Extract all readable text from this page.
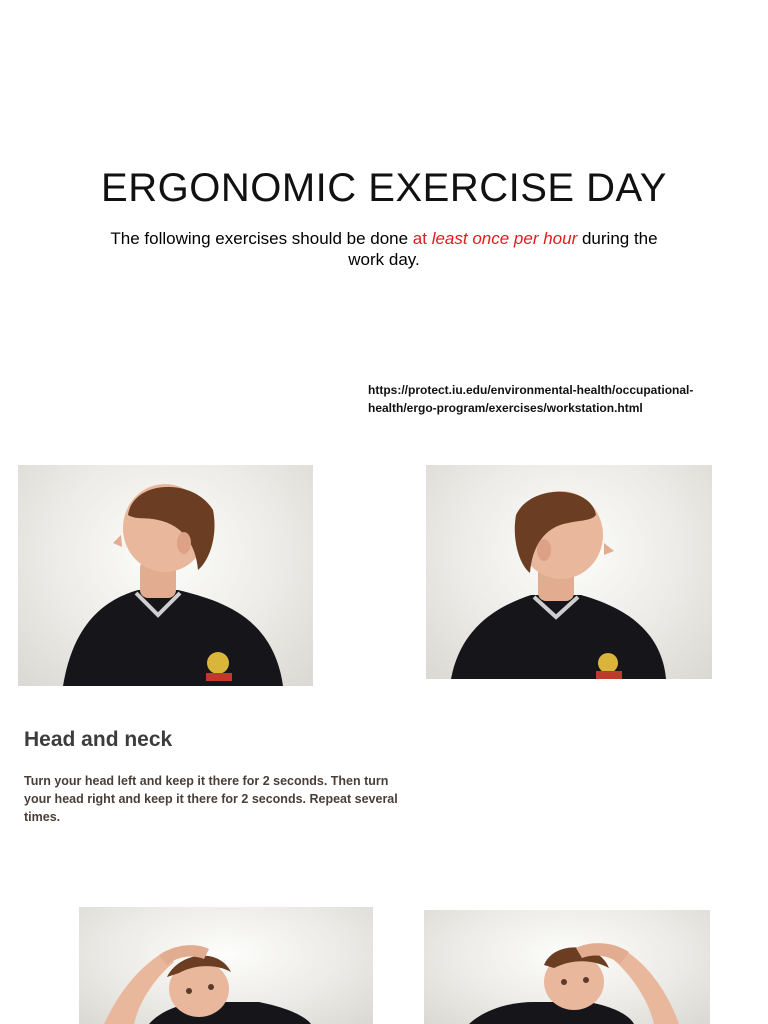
ERGONOMIC EXERCISE DAY
The following exercises should be done at least once per hour during the work day.
https://protect.iu.edu/environmental-health/occupational-health/ergo-program/exercises/workstation.html
Head and neck
Turn your head left and keep it there for 2 seconds. Then turn your head right and keep it there for 2 seconds. Repeat several times.
